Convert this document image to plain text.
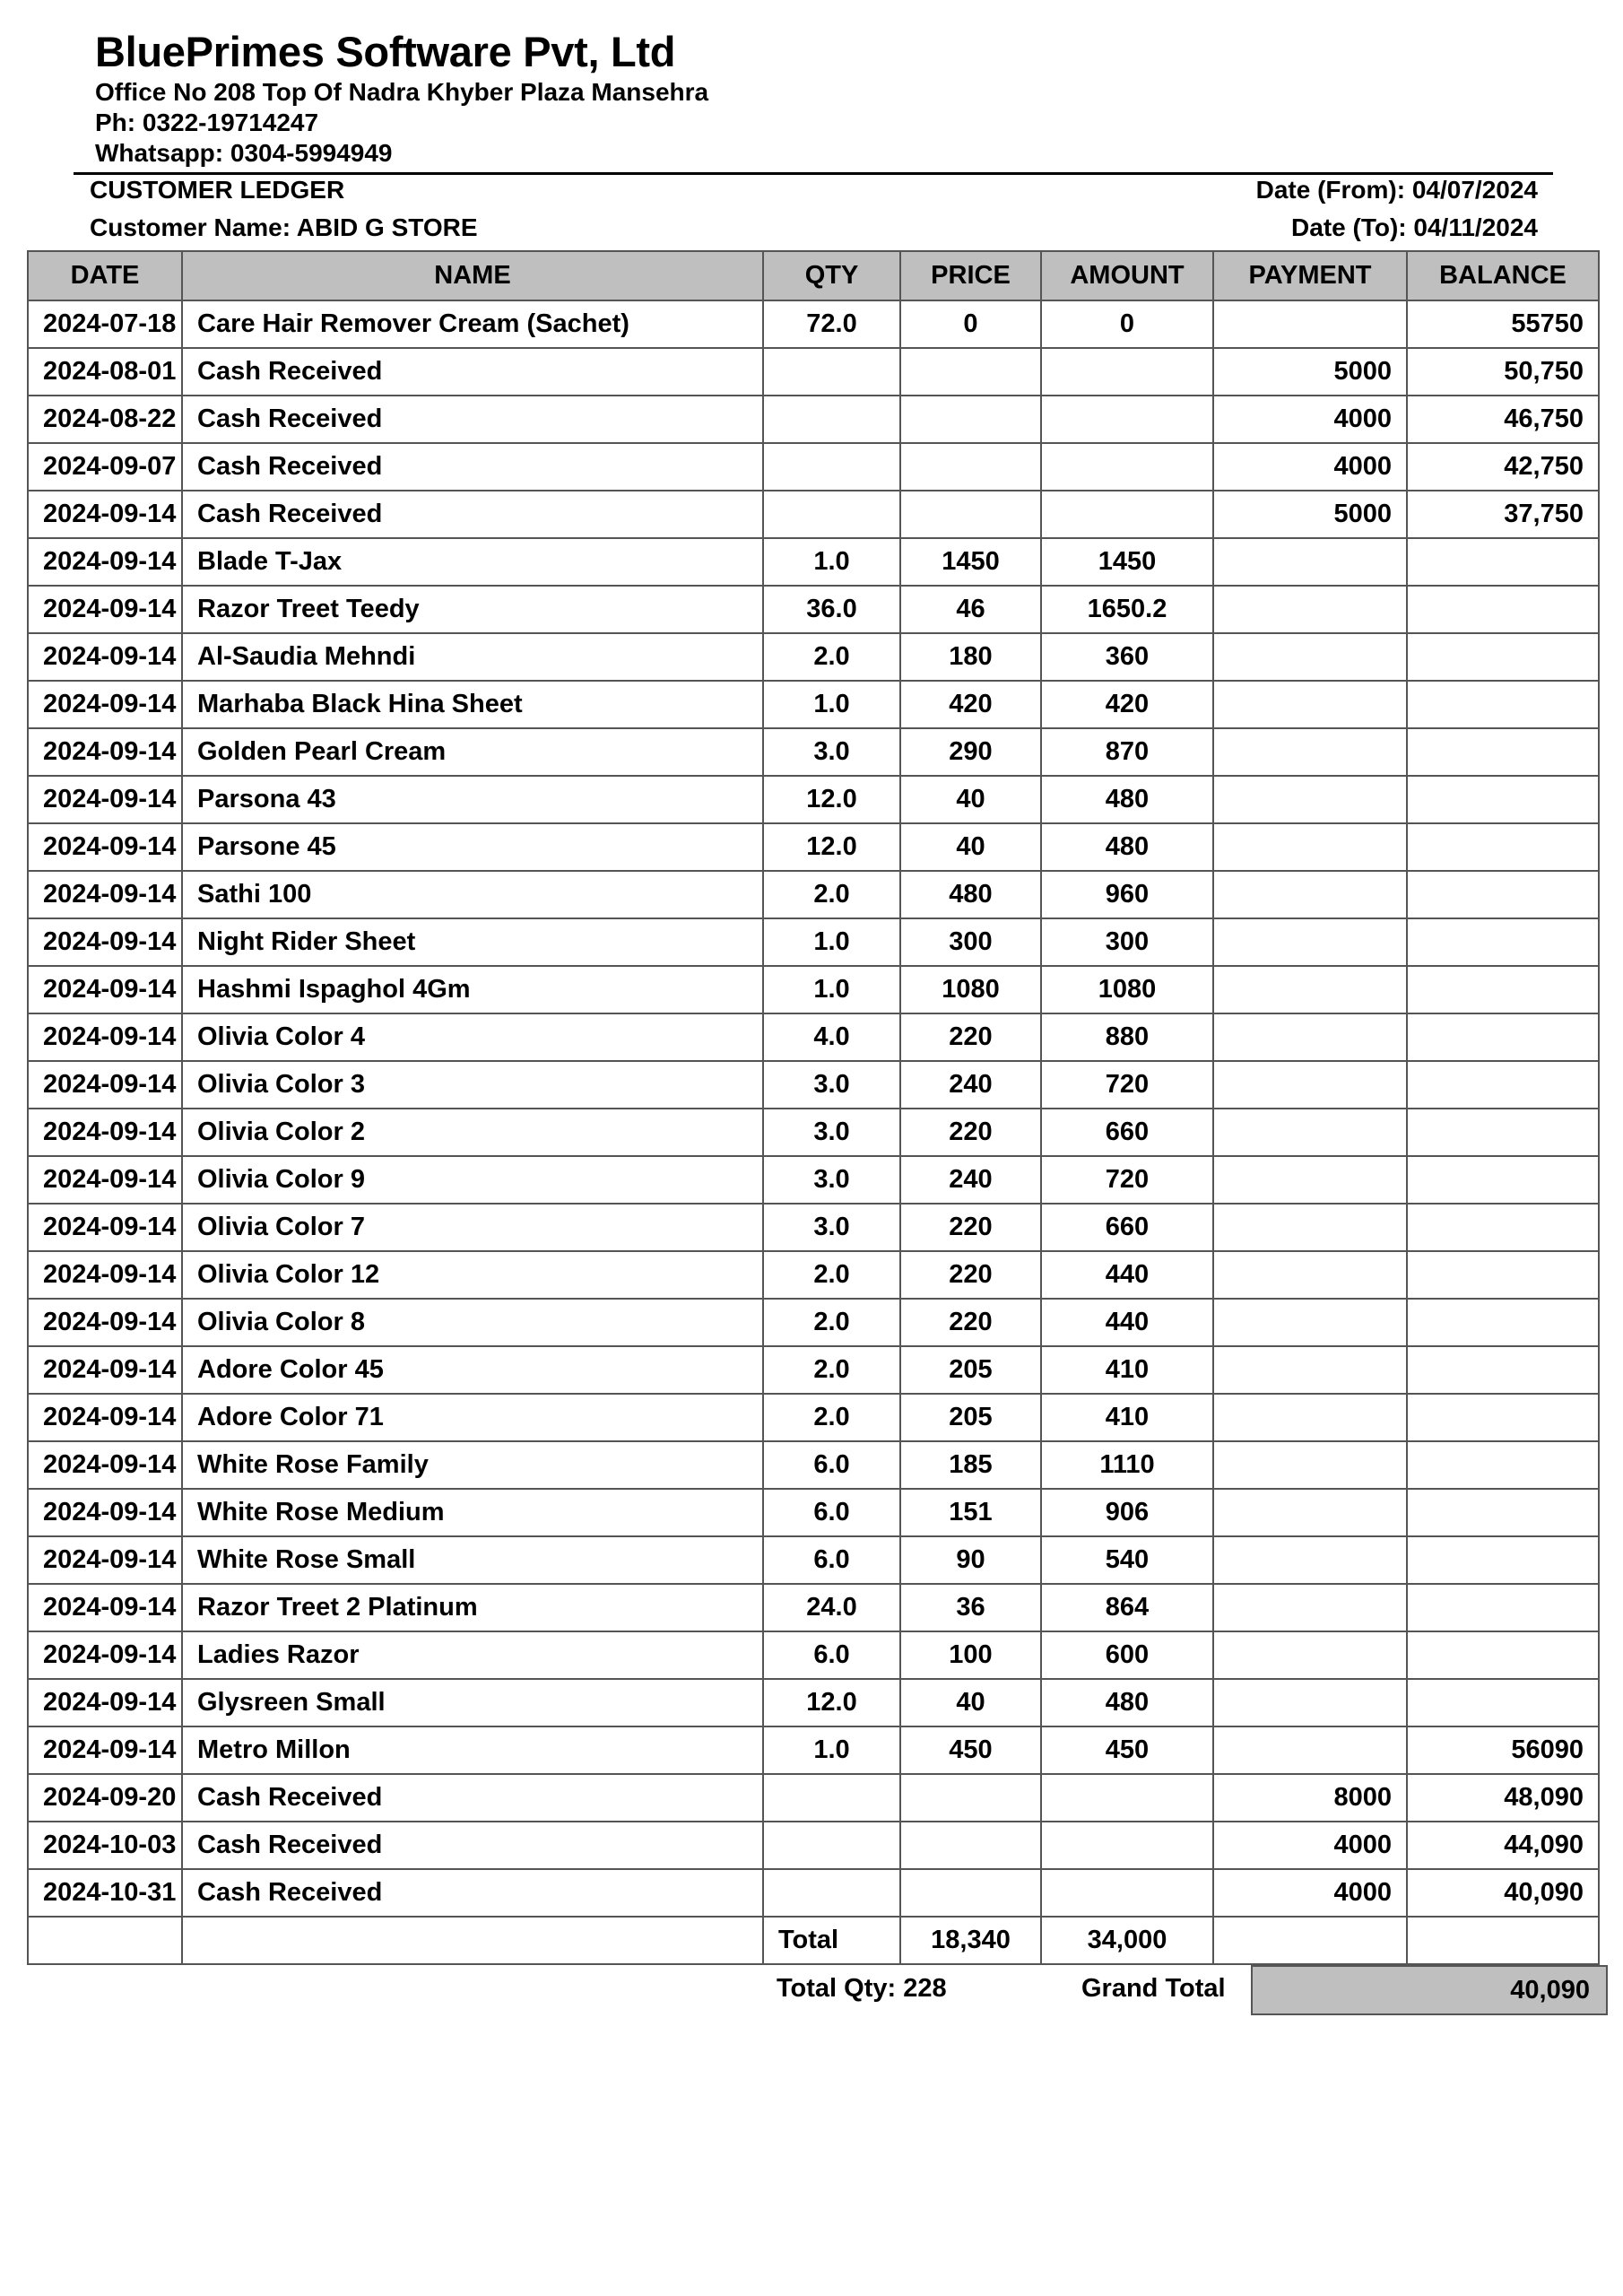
BluePrimes Software Pvt, Ltd
Office No 208 Top Of Nadra Khyber Plaza Mansehra
Ph: 0322-19714247
Whatsapp: 0304-5994949
CUSTOMER LEDGER
Customer Name: ABID G STORE
Date (From): 04/07/2024
Date (To): 04/11/2024
DATE	NAME	QTY	PRICE	AMOUNT	PAYMENT	BALANCE
2024-07-18	Care Hair Remover Cream (Sachet)	72.0	0	0		55750
2024-08-01	Cash Received				5000	50,750
2024-08-22	Cash Received				4000	46,750
2024-09-07	Cash Received				4000	42,750
2024-09-14	Cash Received				5000	37,750
2024-09-14	Blade T-Jax	1.0	1450	1450		
2024-09-14	Razor Treet Teedy	36.0	46	1650.2		
2024-09-14	Al-Saudia Mehndi	2.0	180	360		
2024-09-14	Marhaba Black Hina Sheet	1.0	420	420		
2024-09-14	Golden Pearl Cream	3.0	290	870		
2024-09-14	Parsona 43	12.0	40	480		
2024-09-14	Parsone 45	12.0	40	480		
2024-09-14	Sathi 100	2.0	480	960		
2024-09-14	Night Rider Sheet	1.0	300	300		
2024-09-14	Hashmi Ispaghol 4Gm	1.0	1080	1080		
2024-09-14	Olivia Color 4	4.0	220	880		
2024-09-14	Olivia Color 3	3.0	240	720		
2024-09-14	Olivia Color 2	3.0	220	660		
2024-09-14	Olivia Color 9	3.0	240	720		
2024-09-14	Olivia Color 7	3.0	220	660		
2024-09-14	Olivia Color 12	2.0	220	440		
2024-09-14	Olivia Color 8	2.0	220	440		
2024-09-14	Adore Color 45	2.0	205	410		
2024-09-14	Adore Color 71	2.0	205	410		
2024-09-14	White Rose Family	6.0	185	1110		
2024-09-14	White Rose Medium	6.0	151	906		
2024-09-14	White Rose Small	6.0	90	540		
2024-09-14	Razor Treet 2 Platinum	24.0	36	864		
2024-09-14	Ladies Razor	6.0	100	600		
2024-09-14	Glysreen Small	12.0	40	480		
2024-09-14	Metro Millon	1.0	450	450		56090
2024-09-20	Cash Received				8000	48,090
2024-10-03	Cash Received				4000	44,090
2024-10-31	Cash Received				4000	40,090
		Total	18,340	34,000		
Total Qty: 228	Grand Total	40,090
